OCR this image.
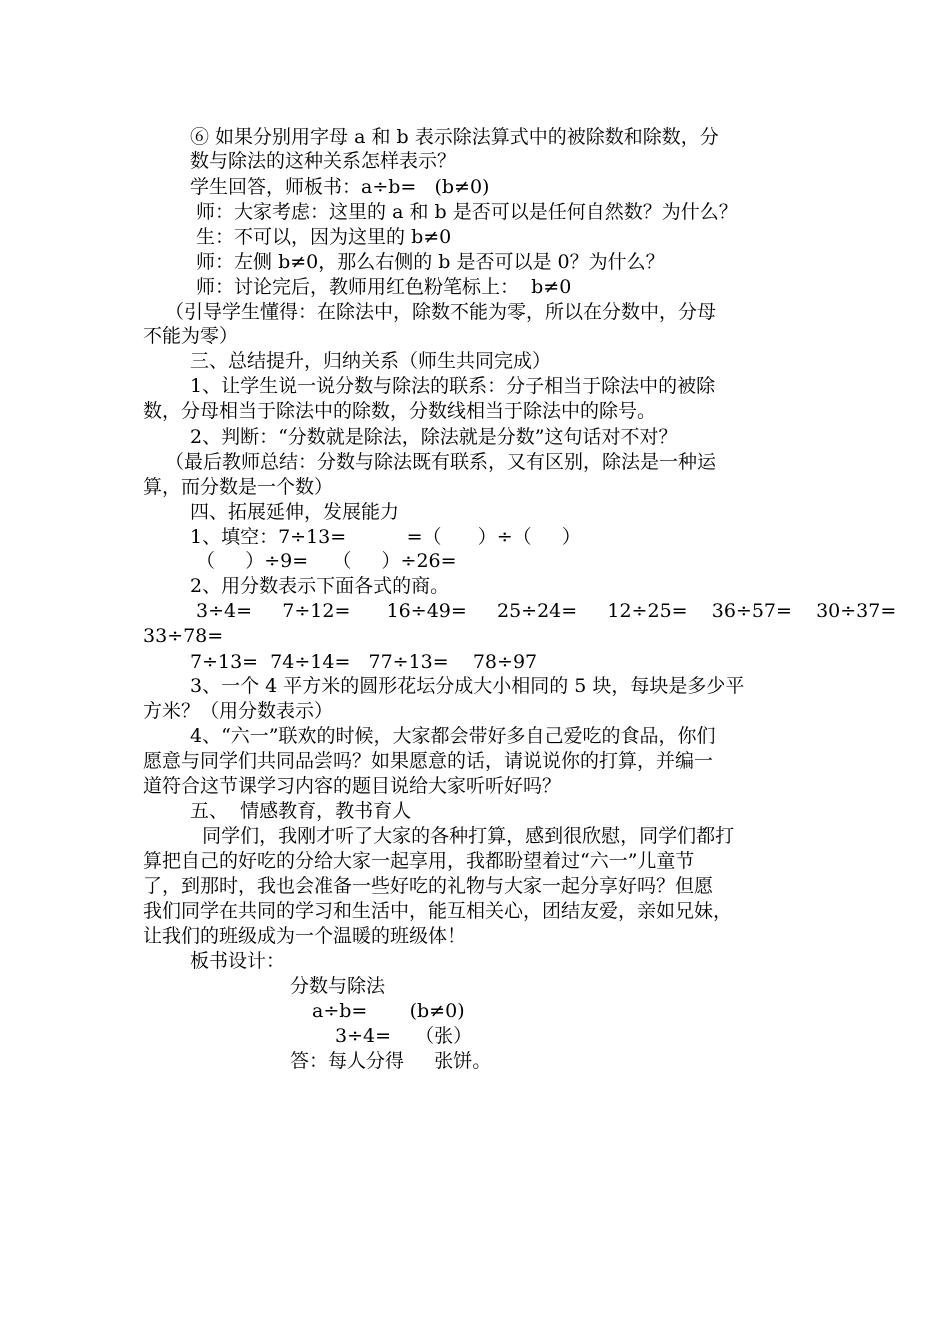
⑥ 如果分别用字母 a 和 b 表示除法算式中的被除数和除数，分
数与除法的这种关系怎样表示？
学生回答，师板书：a÷b=   (b≠0)
师：大家考虑：这里的 a 和 b 是否可以是任何自然数？为什么？
生：不可以，因为这里的 b≠0
师：左侧 b≠0，那么右侧的 b 是否可以是 0？为什么？
师：讨论完后，教师用红色粉笔标上：  b≠0
（引导学生懂得：在除法中，除数不能为零，所以在分数中，分母
不能为零）
三、总结提升，归纳关系（师生共同完成）
1、让学生说一说分数与除法的联系：分子相当于除法中的被除
数，分母相当于除法中的除数，分数线相当于除法中的除号。
2、判断：“分数就是除法，除法就是分数”这句话对不对？
（最后教师总结：分数与除法既有联系，又有区别，除法是一种运
算，而分数是一个数）
四、拓展延伸，发展能力
1、填空：7÷13=          =（      ）÷（     ）
（     ）÷9=    （     ）÷26=
2、用分数表示下面各式的商。
3÷4=     7÷12=      16÷49=     25÷24=     12÷25=    36÷57=    30÷37=
33÷78=
7÷13=  74÷14=   77÷13=    78÷97
3、一个 4 平方米的圆形花坛分成大小相同的 5 块，每块是多少平
方米？（用分数表示）
4、“六一”联欢的时候，大家都会带好多自己爱吃的食品，你们
愿意与同学们共同品尝吗？如果愿意的话，请说说你的打算，并编一
道符合这节课学习内容的题目说给大家听听好吗？
五、  情感教育，教书育人
同学们，我刚才听了大家的各种打算，感到很欣慰，同学们都打
算把自己的好吃的分给大家一起享用，我都盼望着过“六一”儿童节
了，到那时，我也会准备一些好吃的礼物与大家一起分享好吗？但愿
我们同学在共同的学习和生活中，能互相关心，团结友爱，亲如兄妹，
让我们的班级成为一个温暖的班级体！
板书设计：
分数与除法
a÷b=       (b≠0)
3÷4=    （张）
答：每人分得     张饼。
